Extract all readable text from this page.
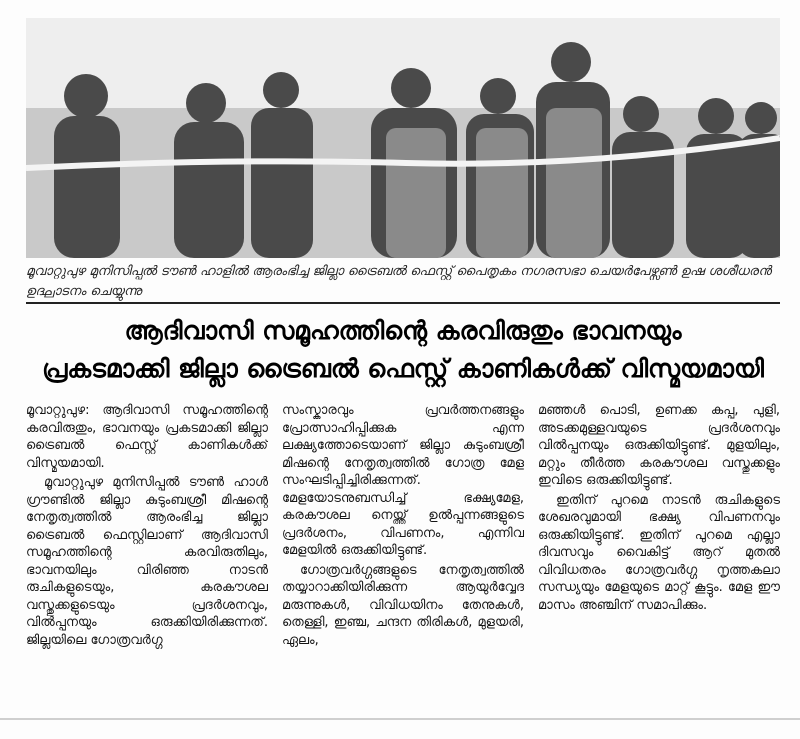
മൂവാറ്റുപുഴ മുനിസിപ്പൽ ടൗൺ ഹാളിൽ ആരംഭിച്ച ജില്ലാ ട്രൈബൽ ഫെസ്റ്റ് പൈതൃകം നഗരസഭാ ചെയർപേഴ്സൺ ഉഷ ശശീധരൻ ഉദ്ഘാടനം ചെയ്യുന്നു
ആദിവാസി സമൂഹത്തിന്റെ കരവിരുതും ഭാവനയും
പ്രകടമാക്കി ജില്ലാ ട്രൈബൽ ഫെസ്റ്റ് കാണികൾക്ക് വിസ്മയമായി

മൂവാറ്റുപുഴ: ആദിവാസി സമൂഹത്തിന്റെ കരവിരുതും, ഭാവനയും പ്രകടമാക്കി ജില്ലാ ട്രൈബൽ ഫെസ്റ്റ് കാണികൾക്ക് വിസ്മയമായി.

മൂവാറ്റുപുഴ മുനിസിപ്പൽ ടൗൺ ഹാൾ ഗ്രൗണ്ടിൽ ജില്ലാ കുടുംബശ്രീ മിഷന്റെ നേതൃത്വത്തിൽ ആരംഭിച്ച ജില്ലാ ട്രൈബൽ ഫെസ്റ്റിലാണ് ആദിവാസി സമൂഹത്തിന്റെ കരവിരുതിലും, ഭാവനയിലും വിരിഞ്ഞ നാടൻ രുചികളുടെയും, കരകൗശല വസ്തുക്കളുടെയും പ്രദർശനവും, വിൽപ്പനയും ഒരുക്കിയിരിക്കുന്നത്. ജില്ലയിലെ ഗോത്രവർഗ്ഗ

സംസ്കാരവും പ്രവർത്തനങ്ങളും പ്രോത്സാഹിപ്പിക്കുക എന്ന ലക്ഷ്യത്തോടെയാണ് ജില്ലാ കുടുംബശ്രീ മിഷന്റെ നേതൃത്വത്തിൽ ഗോത്ര മേള സംഘടിപ്പിച്ചിരിക്കുന്നത്. മേളയോടനുബന്ധിച്ച് ഭക്ഷ്യമേള, കരകൗശല നെയ്ത്ത് ഉൽപ്പന്നങ്ങളുടെ പ്രദർശനം, വിപണനം, എന്നിവ മേളയിൽ ഒരുക്കിയിട്ടുണ്ട്.

ഗോത്രവർഗ്ഗങ്ങളുടെ നേതൃത്വത്തിൽ തയ്യാറാക്കിയിരിക്കുന്ന ആയുർവ്വേദ മരുന്നുകൾ, വിവിധയിനം തേനുകൾ, തെള്ളി, ഇഞ്ച, ചന്ദന തിരികൾ, മുളയരി, ഏലം,

മഞ്ഞൾ പൊടി, ഉണക്ക കപ്പ, പുളി, അടക്കമുള്ളവയുടെ പ്രദർശനവും വിൽപ്പനയും ഒരുക്കിയിട്ടുണ്ട്. മുളയിലും, മറ്റും തീർത്ത കരകൗശല വസ്തുക്കളും ഇവിടെ ഒരുക്കിയിട്ടുണ്ട്.

ഇതിന് പുറമെ നാടൻ രുചികളുടെ ശേഖരവുമായി ഭക്ഷ്യ വിപണനവും ഒരുക്കിയിട്ടുണ്ട്. ഇതിന് പുറമെ എല്ലാ ദിവസവും വൈകിട്ട് ആറ് മുതൽ വിവിധതരം ഗോത്രവർഗ്ഗ നൃത്തകലാ സന്ധ്യയും മേളയുടെ മാറ്റ് കൂട്ടും. മേള ഈ മാസം അഞ്ചിന് സമാപിക്കും.
